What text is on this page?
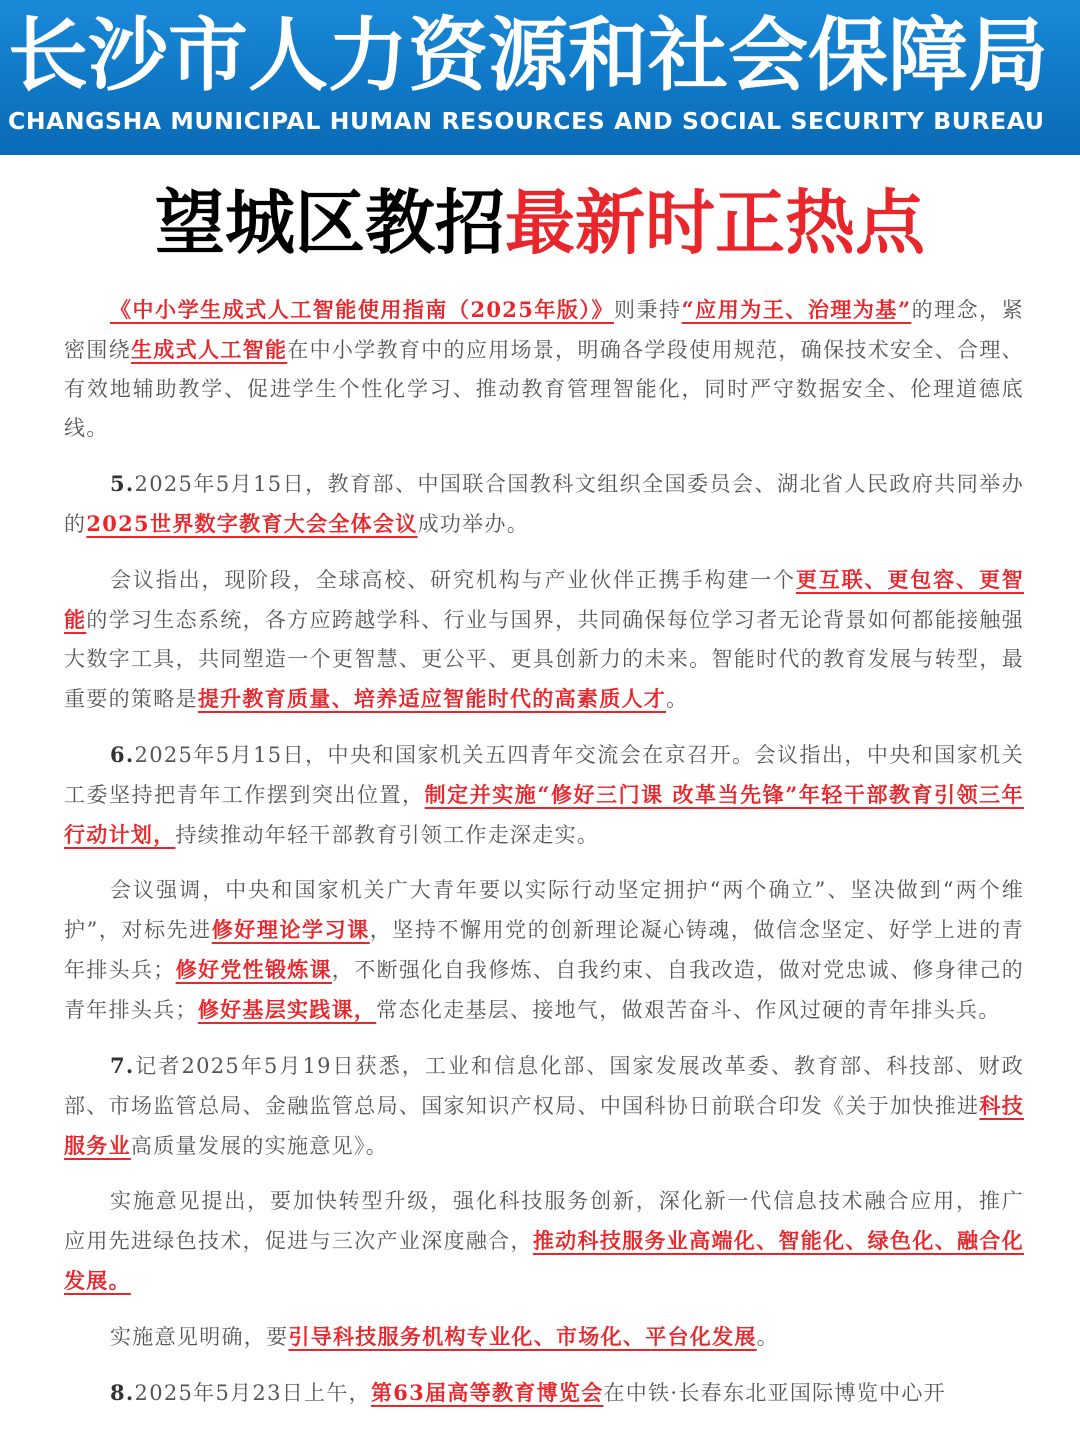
长沙市人力资源和社会保障局
CHANGSHA MUNICIPAL HUMAN RESOURCES AND SOCIAL SECURITY BUREAU
望城区教招最新时正热点

《中小学生成式人工智能使用指南（2025年版）》则秉持“应用为王、治理为基”的理念，紧密围绕生成式人工智能在中小学教育中的应用场景，明确各学段使用规范，确保技术安全、合理、有效地辅助教学、促进学生个性化学习、推动教育管理智能化，同时严守数据安全、伦理道德底线。

5.2025年5月15日，教育部、中国联合国教科文组织全国委员会、湖北省人民政府共同举办的2025世界数字教育大会全体会议成功举办。

会议指出，现阶段，全球高校、研究机构与产业伙伴正携手构建一个更互联、更包容、更智能的学习生态系统，各方应跨越学科、行业与国界，共同确保每位学习者无论背景如何都能接触强大数字工具，共同塑造一个更智慧、更公平、更具创新力的未来。智能时代的教育发展与转型，最重要的策略是提升教育质量、培养适应智能时代的高素质人才。

6.2025年5月15日，中央和国家机关五四青年交流会在京召开。会议指出，中央和国家机关工委坚持把青年工作摆到突出位置，制定并实施“修好三门课 改革当先锋”年轻干部教育引领三年行动计划，持续推动年轻干部教育引领工作走深走实。

会议强调，中央和国家机关广大青年要以实际行动坚定拥护“两个确立”、坚决做到“两个维护”，对标先进修好理论学习课，坚持不懈用党的创新理论凝心铸魂，做信念坚定、好学上进的青年排头兵；修好党性锻炼课，不断强化自我修炼、自我约束、自我改造，做对党忠诚、修身律己的青年排头兵；修好基层实践课，常态化走基层、接地气，做艰苦奋斗、作风过硬的青年排头兵。

7.记者2025年5月19日获悉，工业和信息化部、国家发展改革委、教育部、科技部、财政部、市场监管总局、金融监管总局、国家知识产权局、中国科协日前联合印发《关于加快推进科技服务业高质量发展的实施意见》。

实施意见提出，要加快转型升级，强化科技服务创新，深化新一代信息技术融合应用，推广应用先进绿色技术，促进与三次产业深度融合，推动科技服务业高端化、智能化、绿色化、融合化发展。

实施意见明确，要引导科技服务机构专业化、市场化、平台化发展。

8.2025年5月23日上午，第63届高等教育博览会在中铁·长春东北亚国际博览中心开
